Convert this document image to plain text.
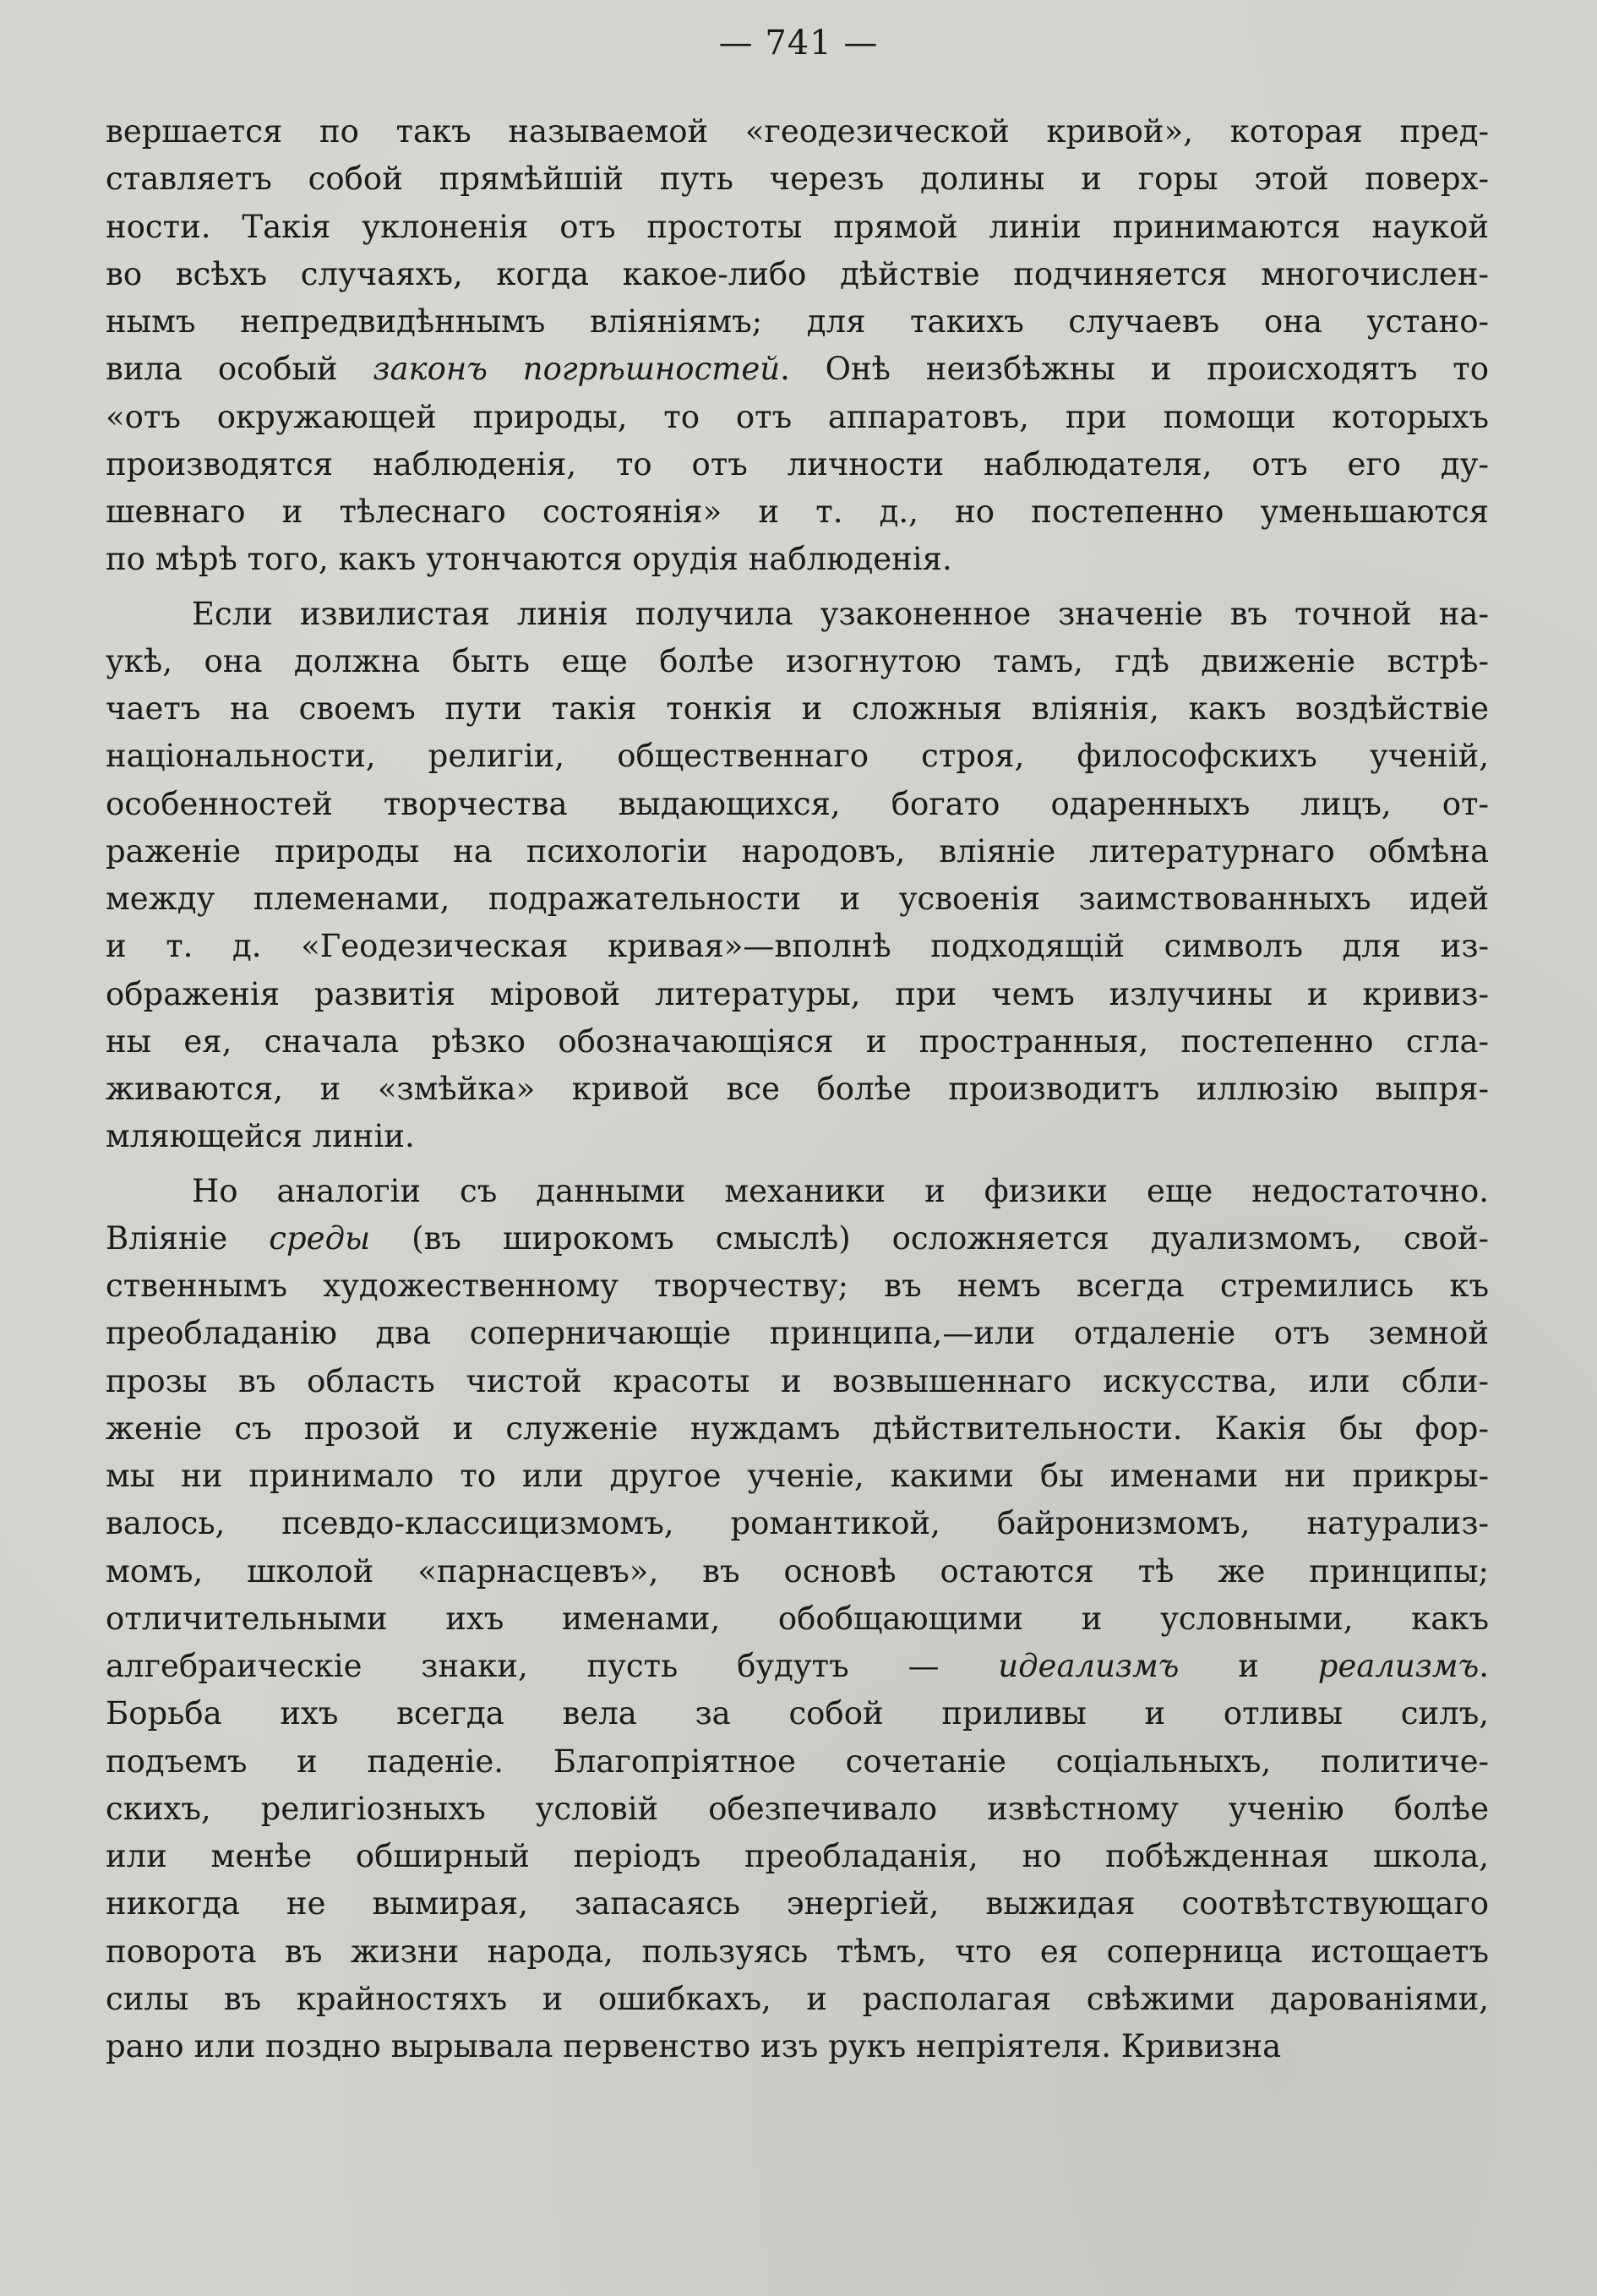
— 741 —
вершается по такъ называемой «геодезической кривой», которая пред-
ставляетъ собой прямѣйшій путь черезъ долины и горы этой поверх-
ности. Такія уклоненія отъ простоты прямой линіи принимаются наукой
во всѣхъ случаяхъ, когда какое-либо дѣйствіе подчиняется многочислен-
нымъ непредвидѣннымъ вліяніямъ; для такихъ случаевъ она устано-
вила особый законъ погрѣшностей. Онѣ неизбѣжны и происходятъ то
«отъ окружающей природы, то отъ аппаратовъ, при помощи которыхъ
производятся наблюденія, то отъ личности наблюдателя, отъ его ду-
шевнаго и тѣлеснаго состоянія» и т. д., но постепенно уменьшаются
по мѣрѣ того, какъ утончаются орудія наблюденія.
Если извилистая линія получила узаконенное значеніе въ точной на-
укѣ, она должна быть еще болѣе изогнутою тамъ, гдѣ движеніе встрѣ-
чаетъ на своемъ пути такія тонкія и сложныя вліянія, какъ воздѣйствіе
національности, религіи, общественнаго строя, философскихъ ученій,
особенностей творчества выдающихся, богато одаренныхъ лицъ, от-
раженіе природы на психологіи народовъ, вліяніе литературнаго обмѣна
между племенами, подражательности и усвоенія заимствованныхъ идей
и т. д. «Геодезическая кривая»—вполнѣ подходящій символъ для из-
ображенія развитія міровой литературы, при чемъ излучины и кривиз-
ны ея, сначала рѣзко обозначающіяся и пространныя, постепенно сгла-
живаются, и «змѣйка» кривой все болѣе производитъ иллюзію выпря-
мляющейся линіи.
Но аналогіи съ данными механики и физики еще недостаточно.
Вліяніе среды (въ широкомъ смыслѣ) осложняется дуализмомъ, свой-
ственнымъ художественному творчеству; въ немъ всегда стремились къ
преобладанію два соперничающіе принципа,—или отдаленіе отъ земной
прозы въ область чистой красоты и возвышеннаго искусства, или сбли-
женіе съ прозой и служеніе нуждамъ дѣйствительности. Какія бы фор-
мы ни принимало то или другое ученіе, какими бы именами ни прикры-
валось, псевдо-классицизмомъ, романтикой, байронизмомъ, натурализ-
момъ, школой «парнасцевъ», въ основѣ остаются тѣ же принципы;
отличительными ихъ именами, обобщающими и условными, какъ
алгебраическіе знаки, пусть будутъ — идеализмъ и реализмъ.
Борьба ихъ всегда вела за собой приливы и отливы силъ,
подъемъ и паденіе. Благопріятное сочетаніе соціальныхъ, политиче-
скихъ, религіозныхъ условій обезпечивало извѣстному ученію болѣе
или менѣе обширный періодъ преобладанія, но побѣжденная школа,
никогда не вымирая, запасаясь энергіей, выжидая соотвѣтствующаго
поворота въ жизни народа, пользуясь тѣмъ, что ея соперница истощаетъ
силы въ крайностяхъ и ошибкахъ, и располагая свѣжими дарованіями,
рано или поздно вырывала первенство изъ рукъ непріятеля. Кривизна
